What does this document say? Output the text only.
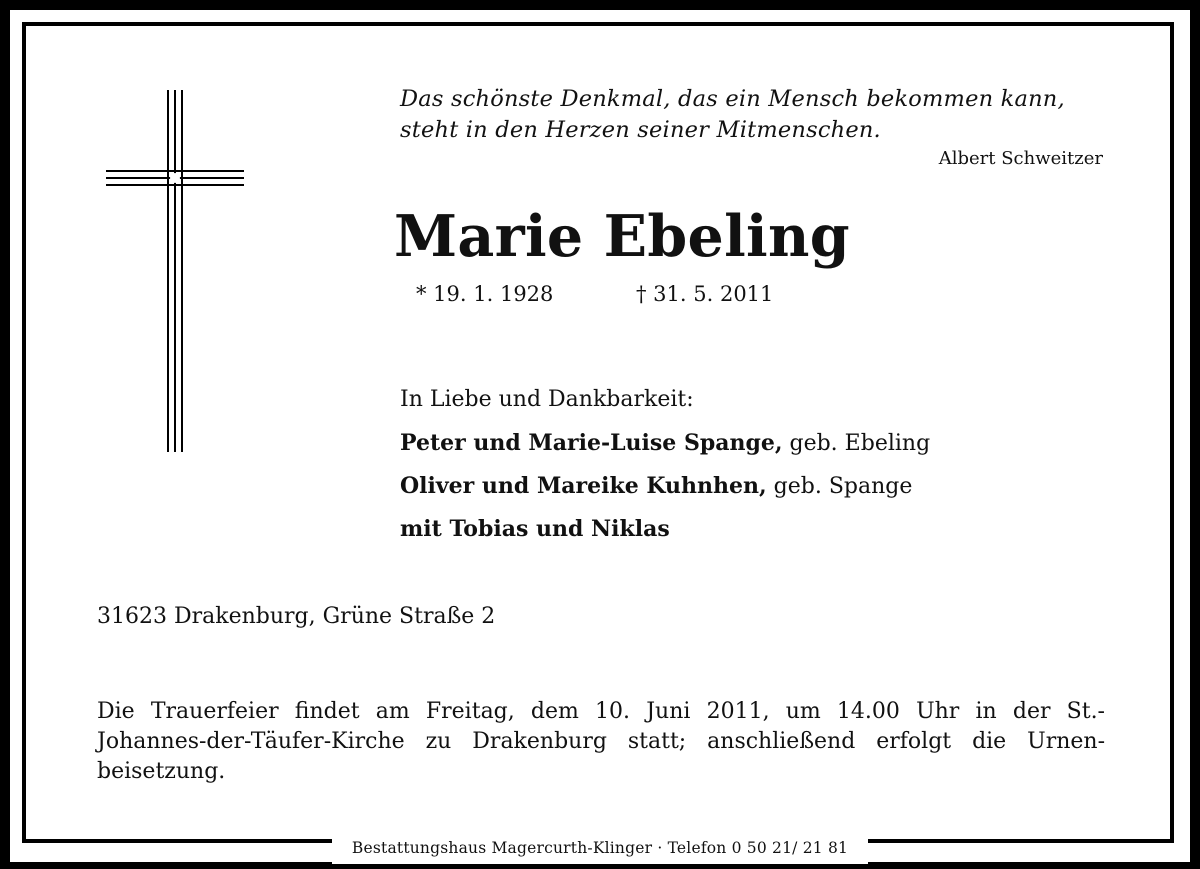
Das schönste Denkmal, das ein Mensch bekommen kann,
steht in den Herzen seiner Mitmenschen.
Albert Schweitzer
Marie Ebeling
* 19. 1. 1928	† 31. 5. 2011
In Liebe und Dankbarkeit:
Peter und Marie-Luise Spange, geb. Ebeling
Oliver und Mareike Kuhnhen, geb. Spange
mit Tobias und Niklas
31623 Drakenburg, Grüne Straße 2
Die Trauerfeier findet am Freitag, dem 10. Juni 2011, um 14.00 Uhr in der St.-
Johannes-der-Täufer-Kirche zu Drakenburg statt; anschließend erfolgt die Urnen-
beisetzung.
Bestattungshaus Magercurth-Klinger · Telefon 0 50 21/ 21 81
